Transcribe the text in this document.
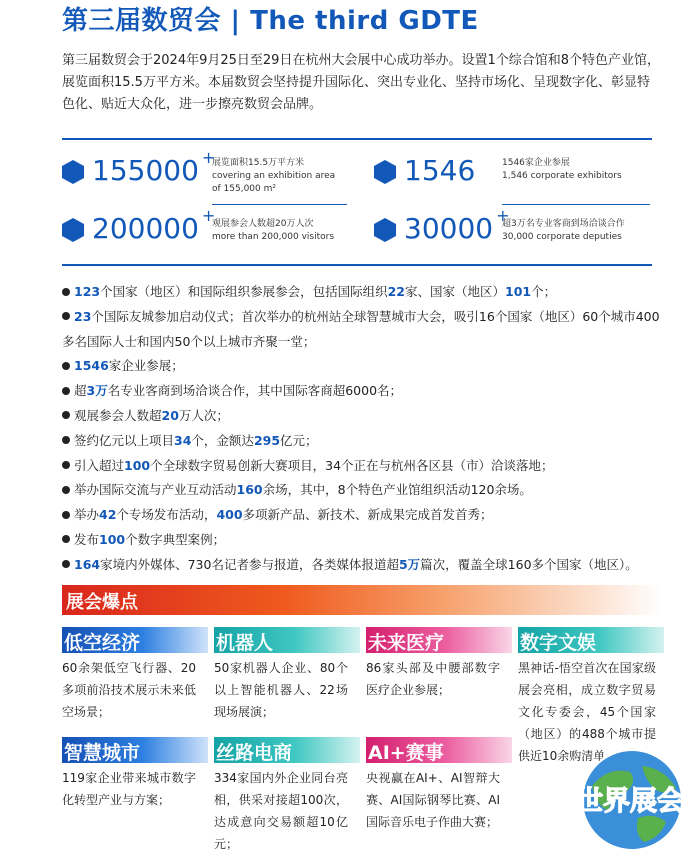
第三届数贸会 | The third GDTE
第三届数贸会于2024年9月25日至29日在杭州大会展中心成功举办。设置1个综合馆和8个特色产业馆，展览面积15.5万平方米。本届数贸会坚持提升国际化、突出专业化、坚持市场化、呈现数字化、彰显特色化、贴近大众化，进一步擦亮数贸会品牌。
155000 +
展览面积15.5万平方米
covering an exhibition area
of 155,000 m²
1546	1546家企业参展
1,546 corporate exhibitors
200000 +
观展参会人数超20万人次
more than 200,000 visitors 30000 +
超3万名专业客商到场洽谈合作
30,000 corporate deputies
123个国家（地区）和国际组织参展参会，包括国际组织22家、国家（地区）101个；
23个国际友城参加启动仪式；首次举办的杭州站全球智慧城市大会，吸引16个国家（地区）60个城市400多名国际人士和国内50个以上城市齐聚一堂；
1546家企业参展；
超3万名专业客商到场洽谈合作，其中国际客商超6000名；
观展参会人数超20万人次；
签约亿元以上项目34个，金额达295亿元；
引入超过100个全球数字贸易创新大赛项目，34个正在与杭州各区县（市）洽谈落地；
举办国际交流与产业互动活动160余场，其中，8个特色产业馆组织活动120余场。
举办42个专场发布活动，400多项新产品、新技术、新成果完成首发首秀；
发布100个数字典型案例；
164家境内外媒体、730名记者参与报道，各类媒体报道超5万篇次，覆盖全球160多个国家（地区）。
展会爆点
低空经济
60余架低空飞行器、20多项前沿技术展示未来低空场景；
机器人
50家机器人企业、80个以上智能机器人、22场现场展演；
未来医疗
86家头部及中腰部数字医疗企业参展；
数字文娱
黑神话-悟空首次在国家级展会亮相，成立数字贸易文化专委会，45个国家（地区）的488个城市提供近10余购清单
智慧城市
119家企业带来城市数字化转型产业与方案；
丝路电商
334家国内外企业同台亮相，供采对接超100次，达成意向交易额超10亿元；
AI+赛事
央视赢在AI+、AI智辩大赛、AI国际钢琴比赛、AI国际音乐电子作曲大赛；
世界展会
